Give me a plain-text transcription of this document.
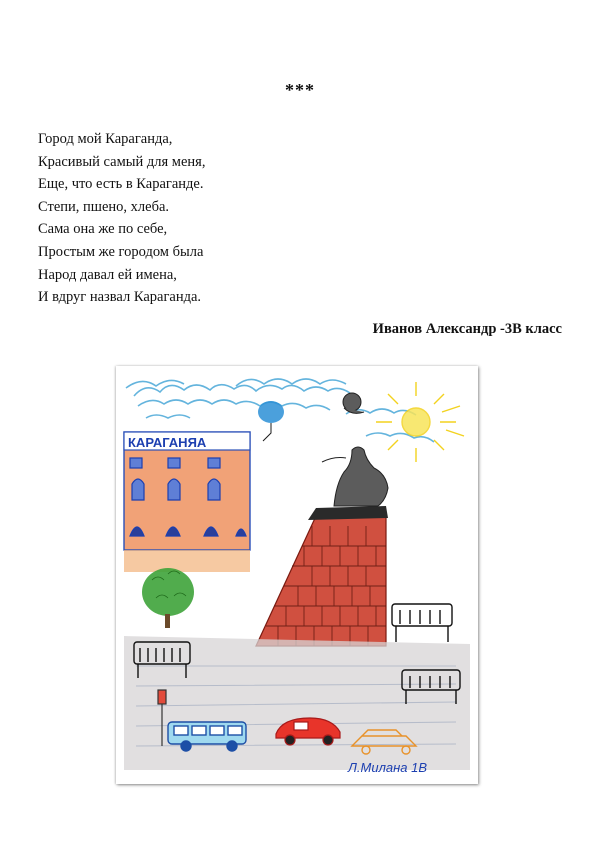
***
Город мой Караганда,
Красивый самый для меня,
Еще, что есть в Караганде.
Степи, пшено, хлеба.
Сама она же по себе,
Простым же городом была
Народ давал ей имена,
И вдруг назвал Караганда.
Иванов Александр -3В класс
КАРАГАНЯА
Л.Милана 1В
